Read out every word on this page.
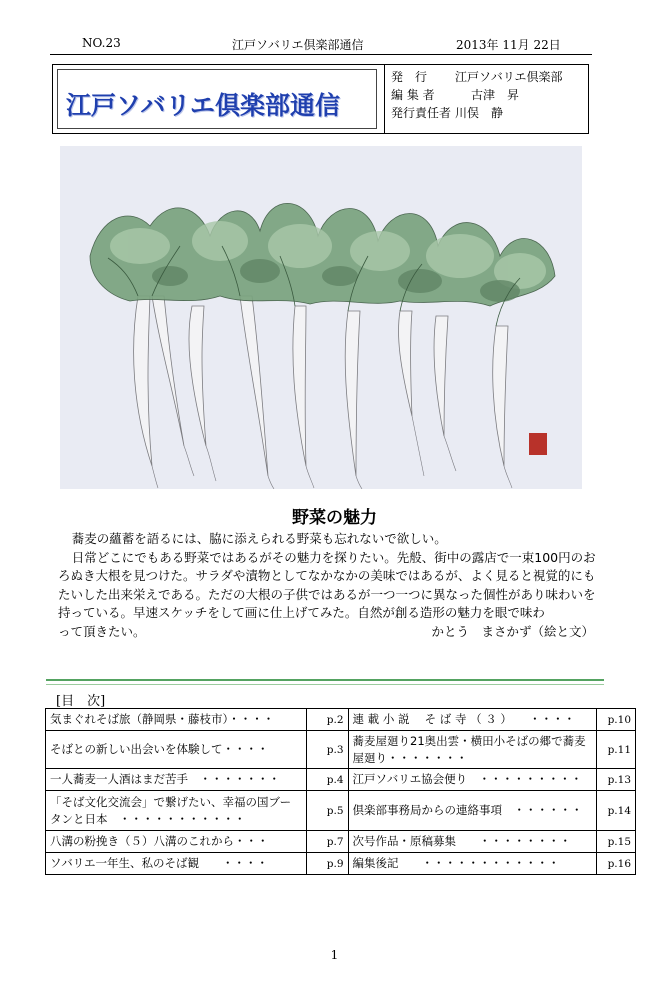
NO.23	江戸ソバリエ倶楽部通信	2013年 11月 22日
江戸ソバリエ倶楽部通信
発　行	江戸ソバリエ倶楽部
編 集 者	古津　昇
発行責任者 川俣　静
野菜の魅力

蕎麦の蘊蓄を語るには、脇に添えられる野菜も忘れないで欲しい。

日常どこにでもある野菜ではあるがその魅力を探りたい。先般、街中の露店で一束100円のおろぬき大根を見つけた。サラダや漬物としてなかなかの美味ではあるが、よく見ると視覚的にもたいした出来栄えである。ただの大根の子供ではあるが一つ一つに異なった個性があり味わいを持っている。早速スケッチをして画に仕上げてみた。自然が創る造形の魅力を眼で味わ

って頂きたい。	かとう　まさかず（絵と文）
[目　次]
気まぐれそば旅（静岡県・藤枝市）・・・・	p.2	連 載 小 説　 そ ば 寺 （ ３ ）　　・・・・	p.10
そばとの新しい出会いを体験して・・・・	p.3	蕎麦屋廻り21奥出雲・横田小そばの郷で蕎麦屋廻り・・・・・・・	p.11
一人蕎麦一人酒はまだ苦手　・・・・・・・	p.4	江戸ソバリエ協会便り　・・・・・・・・・	p.13
「そば文化交流会」で繋げたい、幸福の国ブータンと日本　・・・・・・・・・・・	p.5	倶楽部事務局からの連絡事項　・・・・・・	p.14
八溝の粉挽き（５）八溝のこれから・・・	p.7	次号作品・原稿募集　　・・・・・・・・	p.15
ソバリエ一年生、私のそば観　　・・・・	p.9	編集後記　　・・・・・・・・・・・・	p.16
1
